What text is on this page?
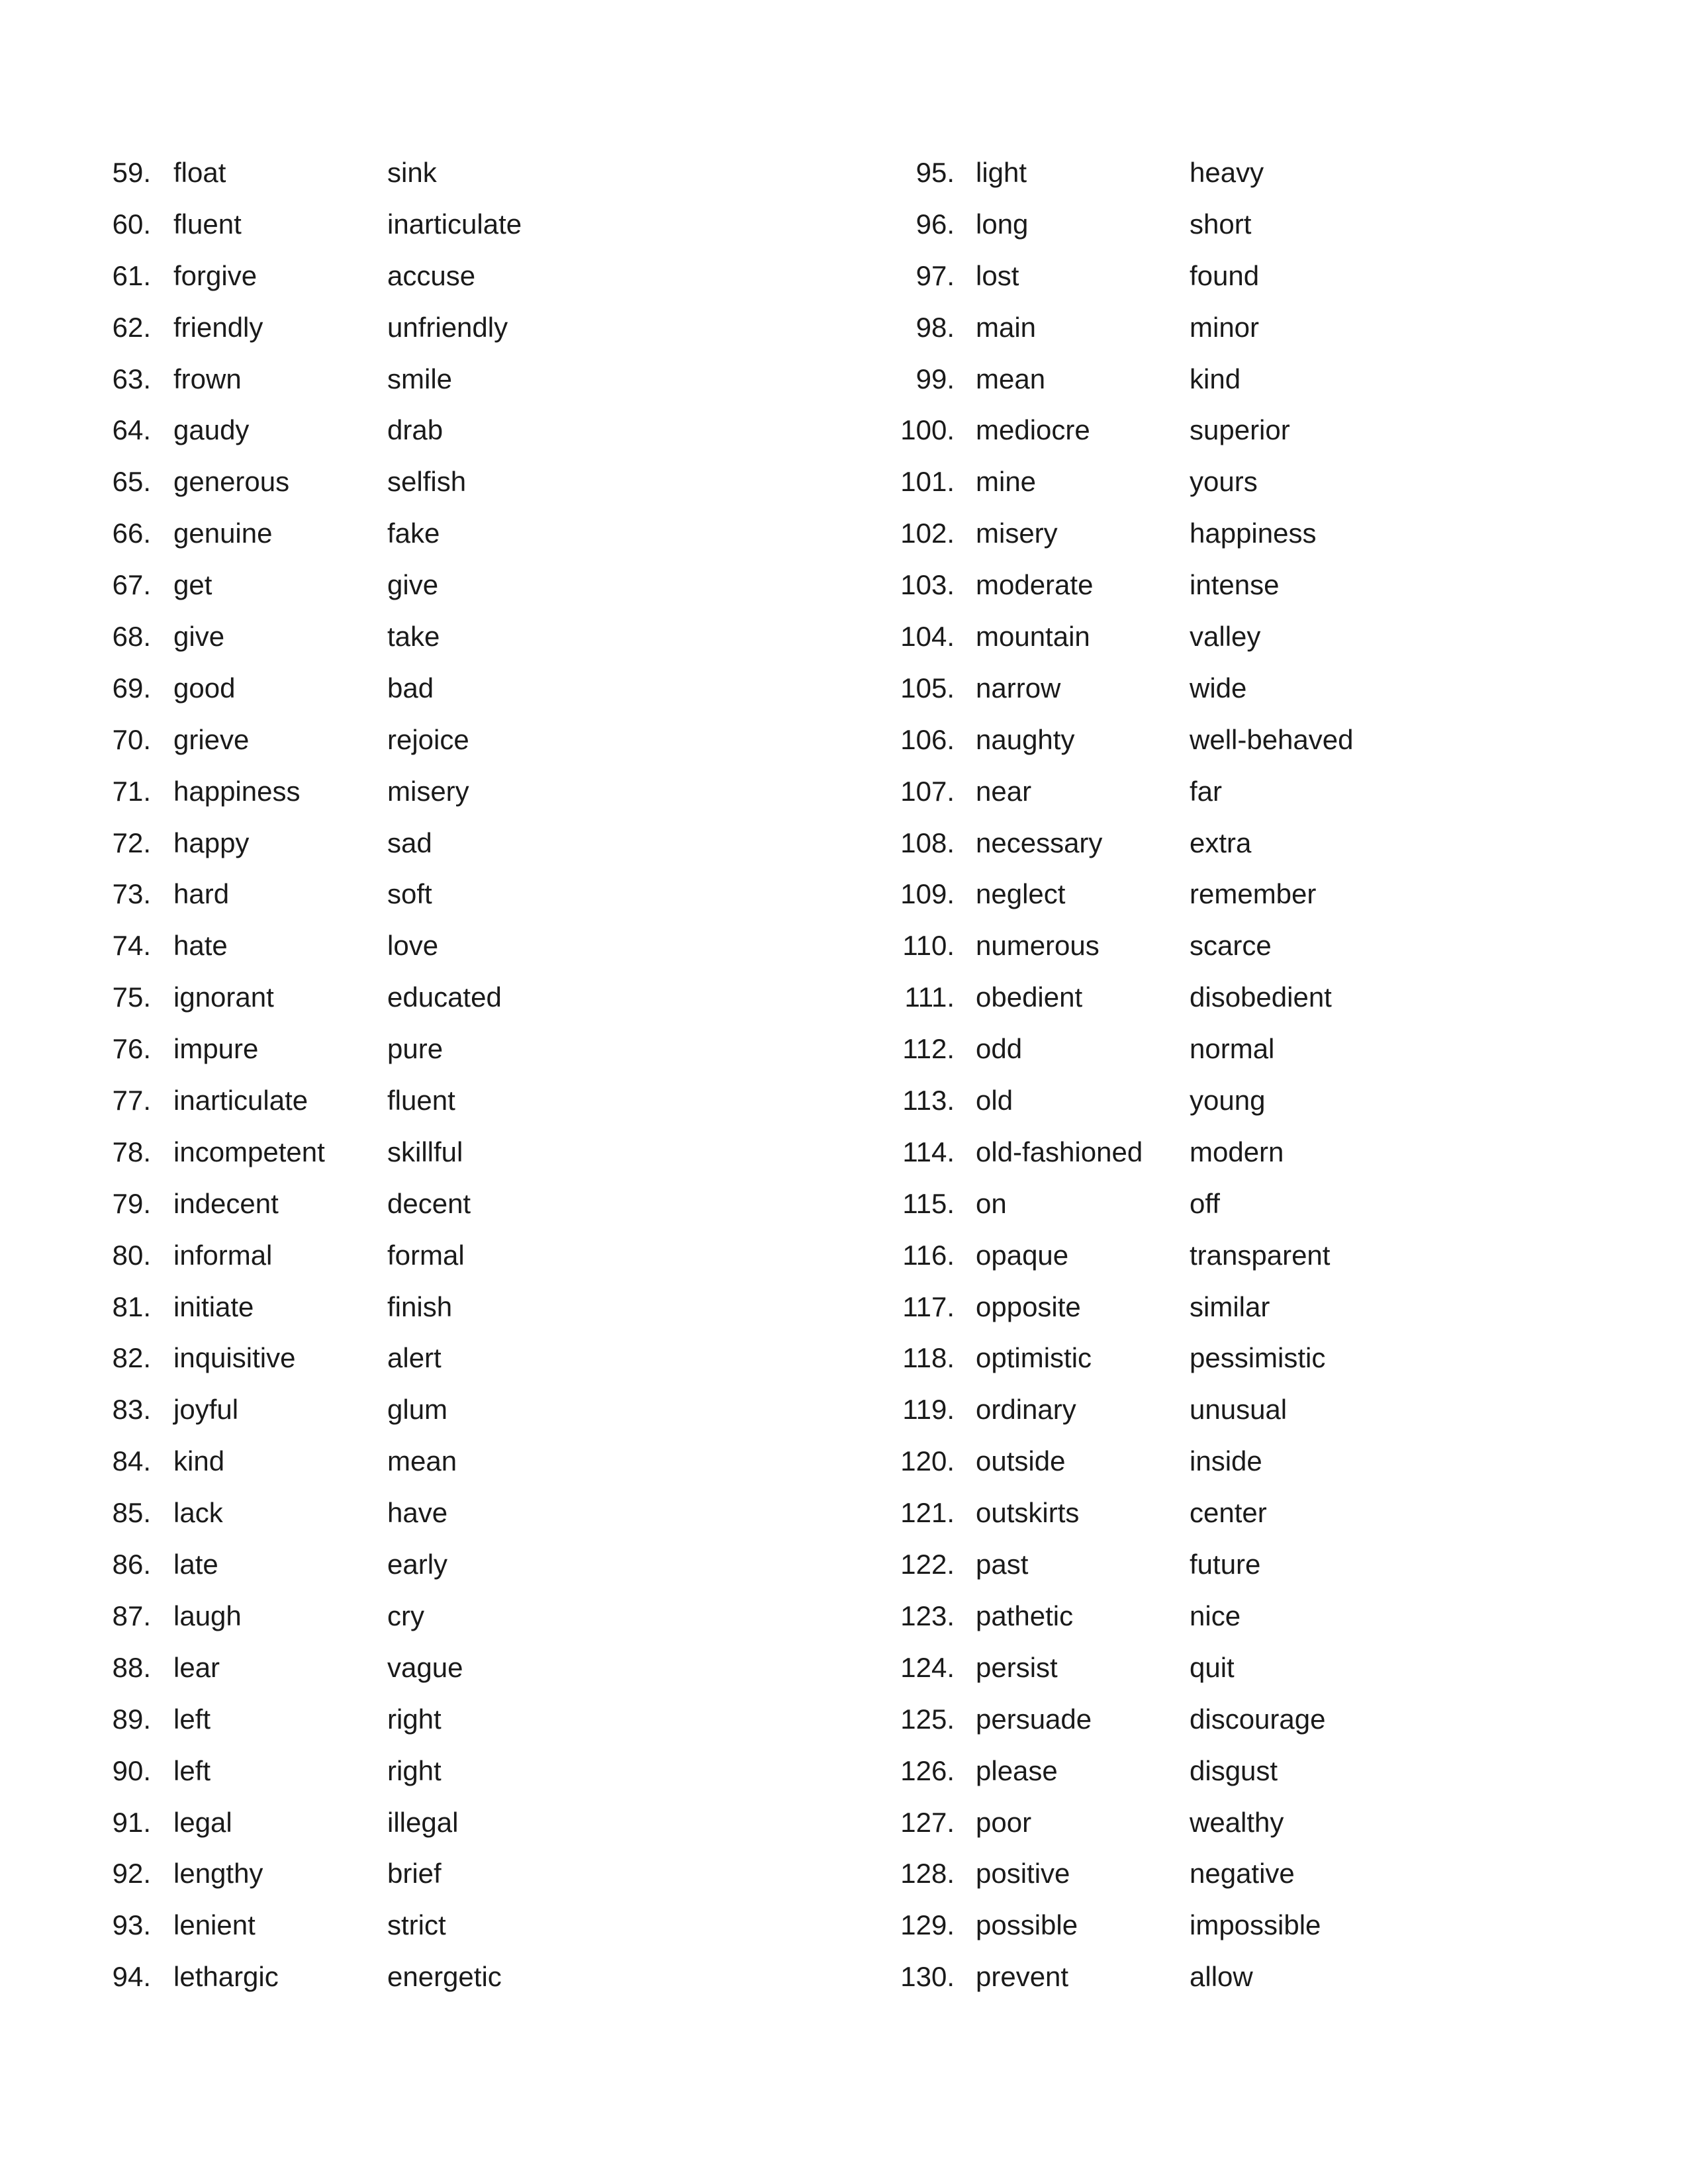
59. float	sink
60. fluent	inarticulate
61. forgive	accuse
62. friendly	unfriendly
63. frown	smile
64. gaudy	drab
65. generous	selfish
66. genuine	fake
67. get	give
68. give	take
69. good	bad
70. grieve	rejoice
71. happiness	misery
72. happy	sad
73. hard	soft
74. hate	love
75. ignorant	educated
76. impure	pure
77. inarticulate	fluent
78. incompetent skillful
79. indecent	decent
80. informal	formal
81. initiate	finish
82. inquisitive	alert
83. joyful	glum
84. kind	mean
85. lack	have
86. late	early
87. laugh	cry
88. lear	vague
89. left	right
90. left	right
91. legal	illegal
92. lengthy	brief
93. lenient	strict
94. lethargic	energetic
95. light	heavy
96. long	short
97. lost	found
98. main	minor
99. mean	kind
100. mediocre	superior
101. mine	yours
102. misery	happiness
103. moderate	intense
104. mountain	valley
105. narrow	wide
106. naughty	well-behaved
107. near	far
108. necessary	extra
109. neglect	remember
110. numerous	scarce
111. obedient	disobedient
112. odd	normal
113. old	young
114. old-fashioned modern
115. on	off
116. opaque	transparent
117. opposite	similar
118. optimistic	pessimistic
119. ordinary	unusual
120. outside	inside
121. outskirts	center
122. past	future
123. pathetic	nice
124. persist	quit
125. persuade	discourage
126. please	disgust
127. poor	wealthy
128. positive	negative
129. possible	impossible
130. prevent	allow
